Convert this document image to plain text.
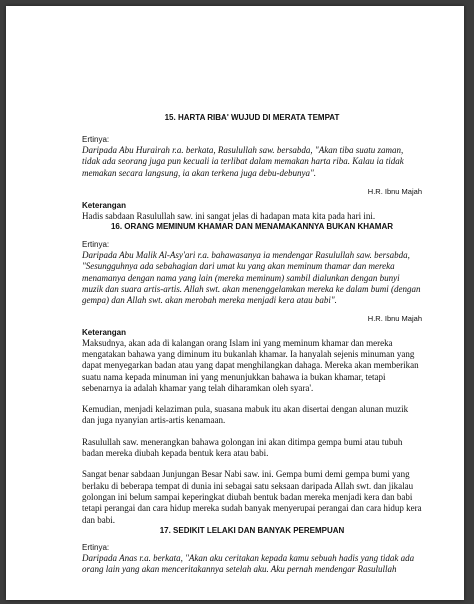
15. HARTA RIBA' WUJUD DI MERATA TEMPAT
Ertinya:
Daripada Abu Hurairah r.a. berkata, Rasulullah saw. bersabda, "Akan tiba suatu zaman, tidak ada seorang juga pun kecuali ia terlibat dalam memakan harta riba. Kalau ia tidak memakan secara langsung, ia akan terkena juga debu-debunya".
H.R. Ibnu Majah
Keterangan
Hadis sabdaan Rasulullah saw. ini sangat jelas di hadapan mata kita pada hari ini.
16. ORANG MEMINUM KHAMAR DAN MENAMAKANNYA BUKAN KHAMAR
Ertinya:
Daripada Abu Malik Al-Asy'ari r.a. bahawasanya ia mendengar Rasulullah saw. bersabda, "Sesungguhnya ada sebahagian dari umat ku yang akan meminum thamar dan mereka menamanya dengan nama yang lain (mereka meminum) sambil dialunkan dengan bunyi muzik dan suara artis-artis. Allah swt. akan menenggelamkan mereka ke dalam bumi (dengan gempa) dan Allah swt. akan merobah mereka menjadi kera atau babi".
H.R. Ibnu Majah
Keterangan
Maksudnya, akan ada di kalangan orang Islam ini yang meminum khamar dan mereka mengatakan bahawa yang diminum itu bukanlah khamar. Ia hanyalah sejenis minuman yang dapat menyegarkan badan atau yang dapat menghilangkan dahaga. Mereka akan memberikan suatu nama kepada minuman ini yang menunjukkan bahawa ia bukan khamar, tetapi sebenarnya ia adalah khamar yang telah diharamkan oleh syara'.
Kemudian, menjadi kelaziman pula, suasana mabuk itu akan disertai dengan alunan muzik dan juga nyanyian artis-artis kenamaan.
Rasulullah saw. menerangkan bahawa golongan ini akan ditimpa gempa bumi atau tubuh badan mereka diubah kepada bentuk kera atau babi.
Sangat benar sabdaan Junjungan Besar Nabi saw. ini. Gempa bumi demi gempa bumi yang berlaku di beberapa tempat di dunia ini sebagai satu seksaan daripada Allah swt. dan jikalau golongan ini belum sampai keperingkat diubah bentuk badan mereka menjadi kera dan babi tetapi perangai dan cara hidup mereka sudah banyak menyerupai perangai dan cara hidup kera dan babi.
17. SEDIKIT LELAKI DAN BANYAK PEREMPUAN
Ertinya:
Daripada Anas r.a. berkata, "Akan aku ceritakan kepada kamu sebuah hadis yang tidak ada orang lain yang akan menceritakannya setelah aku. Aku pernah mendengar Rasulullah
